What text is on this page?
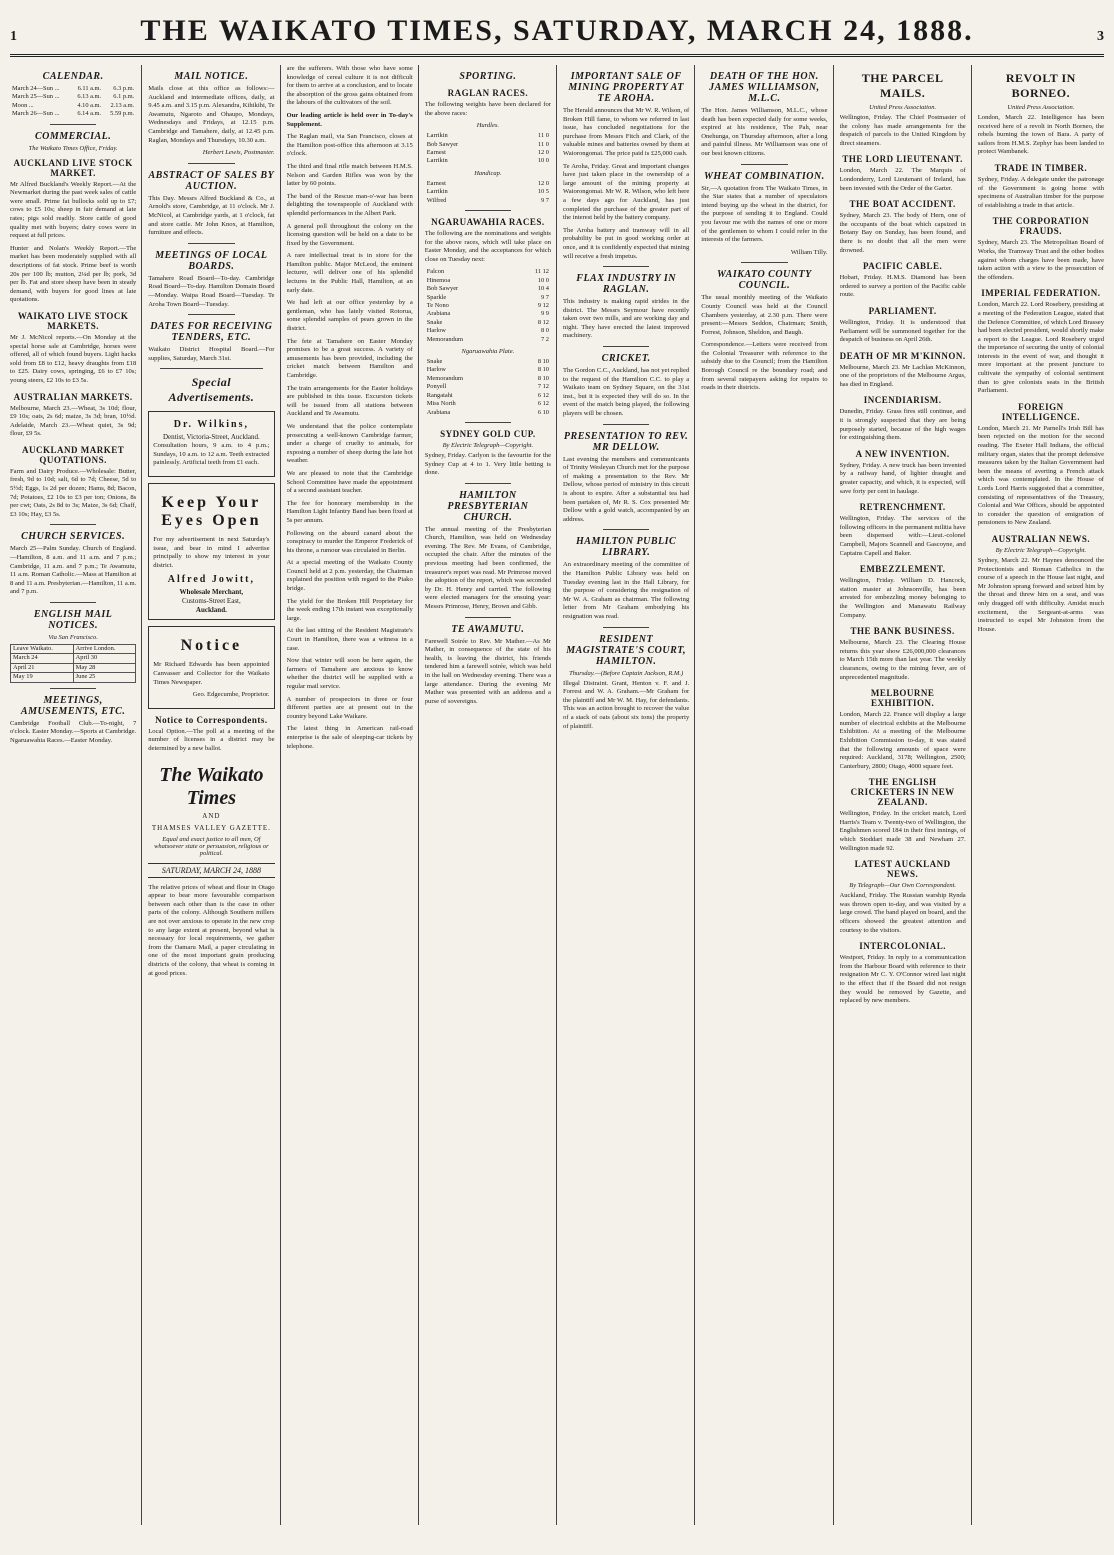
1	THE WAIKATO TIMES, SATURDAY, MARCH 24, 1888.	3
CALENDAR.
March 24—Sun ...	6.11 a.m.	6.3 p.m.
March 25—Sun ...	6.13 a.m.	6.1 p.m.
Moon ...	4.10 a.m.	2.13 a.m.
March 26—Sun ...	6.14 a.m.	5.59 p.m.
COMMERCIAL.
The Waikato Times Office, Friday.
AUCKLAND LIVE STOCK MARKET.

Mr Alfred Buckland's Weekly Report.—At the Newmarket during the past week sales of cattle were small. Prime fat bullocks sold up to £7; cows to £5 10s; sheep in fair demand at late rates; pigs sold readily. Store cattle of good quality met with buyers; dairy cows were in request at full prices.

Hunter and Nolan's Weekly Report.—The market has been moderately supplied with all descriptions of fat stock. Prime beef is worth 20s per 100 lb; mutton, 2¼d per lb; pork, 3d per lb. Fat and store sheep have been in steady demand, with buyers for good lines at late quotations.

WAIKATO LIVE STOCK MARKETS.

Mr J. McNicol reports.—On Monday at the special horse sale at Cambridge, horses were offered, all of which found buyers. Light hacks sold from £8 to £12, heavy draughts from £18 to £25. Dairy cows, springing, £6 to £7 10s; young steers, £2 10s to £3 5s.

AUSTRALIAN MARKETS.

Melbourne, March 23.—Wheat, 3s 10d; flour, £9 10s; oats, 2s 6d; maize, 3s 3d; bran, 10½d. Adelaide, March 23.—Wheat quiet, 3s 9d; flour, £9 5s.

AUCKLAND MARKET QUOTATIONS.

Farm and Dairy Produce.—Wholesale: Butter, fresh, 9d to 10d; salt, 6d to 7d; Cheese, 5d to 5½d; Eggs, 1s 2d per dozen; Hams, 8d; Bacon, 7d; Potatoes, £2 10s to £3 per ton; Onions, 8s per cwt; Oats, 2s 8d to 3s; Maize, 3s 6d; Chaff, £3 10s; Hay, £3 5s.

CHURCH SERVICES.

March 25—Palm Sunday. Church of England.—Hamilton, 8 a.m. and 11 a.m. and 7 p.m.; Cambridge, 11 a.m. and 7 p.m.; Te Awamutu, 11 a.m. Roman Catholic.—Mass at Hamilton at 8 and 11 a.m. Presbyterian.—Hamilton, 11 a.m. and 7 p.m.

ENGLISH MAIL NOTICES.
Via San Francisco.
Leave Waikato.	Arrive London.
March 24	April 30
April 21	May 28
May 19	June 25
MEETINGS, AMUSEMENTS, ETC.

Cambridge Football Club.—To-night, 7 o'clock. Easter Monday.—Sports at Cambridge. Ngaruawahia Races.—Easter Monday.

MAIL NOTICE.

Mails close at this office as follows:—Auckland and intermediate offices, daily, at 9.45 a.m. and 3.15 p.m. Alexandra, Kihikihi, Te Awamutu, Ngaroto and Ohaupo, Mondays, Wednesdays and Fridays, at 12.15 p.m. Cambridge and Tamahere, daily, at 12.45 p.m. Raglan, Mondays and Thursdays, 10.30 a.m.

Herbert Lewis, Postmaster.

ABSTRACT OF SALES BY AUCTION.

This Day. Messrs Alfred Buckland & Co., at Arnold's store, Cambridge, at 11 o'clock. Mr J. McNicol, at Cambridge yards, at 1 o'clock, fat and store cattle. Mr John Knox, at Hamilton, furniture and effects.

MEETINGS OF LOCAL BOARDS.

Tamahere Road Board—To-day. Cambridge Road Board—To-day. Hamilton Domain Board—Monday. Waipa Road Board—Tuesday. Te Aroha Town Board—Tuesday.

DATES FOR RECEIVING TENDERS, ETC.

Waikato District Hospital Board.—For supplies, Saturday, March 31st.

Special Advertisements.
Dr. Wilkins,
Dentist, Victoria-Street, Auckland.

Consultation hours, 9 a.m. to 4 p.m.; Sundays, 10 a.m. to 12 a.m. Teeth extracted painlessly. Artificial teeth from £1 each.

Keep Your Eyes Open

For my advertisement in next Saturday's issue, and bear in mind I advertise principally to show my interest in your district.

Alfred Jowitt,
Wholesale Merchant,
Customs-Street East,
Auckland.
Notice

Mr Richard Edwards has been appointed Canvasser and Collector for the Waikato Times Newspaper.

Geo. Edgecumbe, Proprietor.

Notice to Correspondents.

Local Option.—The poll at a meeting of the number of licenses in a district may be determined by a new ballot.

The Waikato Times
AND
THAMSES VALLEY GAZETTE.
Equal and exact justice to all men, Of whatsoever state or persuasion, religious or political.
SATURDAY, MARCH 24, 1888

The relative prices of wheat and flour in Otago appear to bear more favourable comparison between each other than is the case in other parts of the colony. Although Southern millers are not over anxious to operate in the new crop to any large extent at present, beyond what is necessary for local requirements, we gather from the Oamaru Mail, a paper circulating in one of the most important grain producing districts of the colony, that wheat is coming in at good prices.

are the sufferers. With those who have some knowledge of cereal culture it is not difficult for them to arrive at a conclusion, and to locate the absorption of the gross gains obtained from the labours of the cultivators of the soil.

Our leading article is held over in To-day's Supplement.

The Raglan mail, via San Francisco, closes at the Hamilton post-office this afternoon at 3.15 o'clock.

The third and final rifle match between H.M.S. Nelson and Garden Rifles was won by the latter by 60 points.

The band of the Rescue man-o'-war has been delighting the townspeople of Auckland with splendid performances in the Albert Park.

A general poll throughout the colony on the licensing question will be held on a date to be fixed by the Government.

A rare intellectual treat is in store for the Hamilton public. Major McLeod, the eminent lecturer, will deliver one of his splendid lectures in the Public Hall, Hamilton, at an early date.

We had left at our office yesterday by a gentleman, who has lately visited Rotorua, some splendid samples of pears grown in the district.

The fete at Tamahere on Easter Monday promises to be a great success. A variety of amusements has been provided, including the cricket match between Hamilton and Cambridge.

The train arrangements for the Easter holidays are published in this issue. Excursion tickets will be issued from all stations between Auckland and Te Awamutu.

We understand that the police contemplate prosecuting a well-known Cambridge farmer, under a charge of cruelty to animals, for exposing a number of sheep during the late hot weather.

We are pleased to note that the Cambridge School Committee have made the appointment of a second assistant teacher.

The fee for honorary membership in the Hamilton Light Infantry Band has been fixed at 5s per annum.

Following on the absurd canard about the conspiracy to murder the Emperor Frederick of his throne, a rumour was circulated in Berlin.

At a special meeting of the Waikato County Council held at 2 p.m. yesterday, the Chairman explained the position with regard to the Piako bridge.

The yield for the Broken Hill Proprietary for the week ending 17th instant was exceptionally large.

At the last sitting of the Resident Magistrate's Court in Hamilton, there was a witness in a case.

Now that winter will soon be here again, the farmers of Tamahere are anxious to know whether the district will be supplied with a regular mail service.

A number of prospectors in three or four different parties are at present out in the country beyond Lake Waikare.

The latest thing in American rail-road enterprise is the sale of sleeping-car tickets by telephone.

SPORTING.
RAGLAN RACES.

The following weights have been declared for the above races:

Hurdles.
Larrikin	11 0
Bob Sawyer	11 0
Earnest	12 0
Larrikin	10 0
Handicap.
Earnest	12 0
Larrikin	10 5
Wilfred	9 7
NGARUAWAHIA RACES.

The following are the nominations and weights for the above races, which will take place on Easter Monday, and the acceptances for which close on Tuesday next:

Falcon	11 12
Hinemoa	10 0
Bob Sawyer	10 4
Sparkle	9 7
Te Nono	9 12
Arabiana	9 9
Snake	8 12
Harlow	8 0
Memorandum	7 2
Ngaruawahia Plate.
Snake	8 10
Harlow	8 10
Memorandum	8 10
Ponyell	7 12
Rangatahi	6 12
Miss North	6 12
Arabiana	6 10
SYDNEY GOLD CUP.
By Electric Telegraph—Copyright.

Sydney, Friday. Carlyon is the favourite for the Sydney Cup at 4 to 1. Very little betting is done.

HAMILTON PRESBYTERIAN CHURCH.

The annual meeting of the Presbyterian Church, Hamilton, was held on Wednesday evening. The Rev. Mr Evans, of Cambridge, occupied the chair. After the minutes of the previous meeting had been confirmed, the treasurer's report was read. Mr Primrose moved the adoption of the report, which was seconded by Dr. H. Henry and carried. The following were elected managers for the ensuing year: Messrs Primrose, Henry, Brown and Gibb.

TE AWAMUTU.

Farewell Soirée to Rev. Mr Mather.—As Mr Mather, in consequence of the state of his health, is leaving the district, his friends tendered him a farewell soirée, which was held in the hall on Wednesday evening. There was a large attendance. During the evening Mr Mather was presented with an address and a purse of sovereigns.

IMPORTANT SALE OF MINING PROPERTY AT TE AROHA.

The Herald announces that Mr W. R. Wilson, of Broken Hill fame, to whom we referred in last issue, has concluded negotiations for the purchase from Messrs Fitch and Clark, of the valuable mines and batteries owned by them at Waiorongomai. The price paid is £25,000 cash.

Te Aroha, Friday. Great and important changes have just taken place in the ownership of a large amount of the mining property at Waiorongomai. Mr W. R. Wilson, who left here a few days ago for Auckland, has just completed the purchase of the greater part of the interest held by the battery company.

The Aroha battery and tramway will in all probability be put in good working order at once, and it is confidently expected that mining will receive a fresh impetus.

FLAX INDUSTRY IN RAGLAN.

This industry is making rapid strides in the district. The Messrs Seymour have recently taken over two mills, and are working day and night. They have erected the latest improved machinery.

CRICKET.

The Gordon C.C., Auckland, has not yet replied to the request of the Hamilton C.C. to play a Waikato team on Sydney Square, on the 31st inst., but it is expected they will do so. In the event of the match being played, the following players will be chosen.

PRESENTATION TO REV. MR DELLOW.

Last evening the members and communicants of Trinity Wesleyan Church met for the purpose of making a presentation to the Rev. Mr Dellow, whose period of ministry in this circuit is about to expire. After a substantial tea had been partaken of, Mr R. S. Cox presented Mr Dellow with a gold watch, accompanied by an address.

HAMILTON PUBLIC LIBRARY.

An extraordinary meeting of the committee of the Hamilton Public Library was held on Tuesday evening last in the Hall Library, for the purpose of considering the resignation of Mr W. A. Graham as chairman. The following letter from Mr Graham embodying his resignation was read.

RESIDENT MAGISTRATE'S COURT, HAMILTON.
Thursday.—(Before Captain Jackson, R.M.)

Illegal Distraint. Grant, Henton v. F. and J. Forrest and W. A. Graham.—Mr Graham for the plaintiff and Mr W. M. Hay, for defendants. This was an action brought to recover the value of a stack of oats (about six tons) the property of plaintiff.

DEATH OF THE HON. JAMES WILLIAMSON, M.L.C.

The Hon. James Williamson, M.L.C., whose death has been expected daily for some weeks, expired at his residence, The Pah, near Onehunga, on Thursday afternoon, after a long and painful illness. Mr Williamson was one of our best known citizens.

WHEAT COMBINATION.

Sir,—A quotation from The Waikato Times, in the Star states that a number of speculators intend buying up the wheat in the district, for the purpose of sending it to England. Could you favour me with the names of one or more of the gentlemen to whom I could refer in the interests of the farmers.

William Tilly.

WAIKATO COUNTY COUNCIL.

The usual monthly meeting of the Waikato County Council was held at the Council Chambers yesterday, at 2.30 p.m. There were present:—Messrs Seddon, Chairman; Smith, Forrest, Johnson, Sheldon, and Baugh.

Correspondence.—Letters were received from the Colonial Treasurer with reference to the subsidy due to the Council; from the Hamilton Borough Council re the boundary road; and from several ratepayers asking for repairs to roads in their districts.

THE PARCEL MAILS.
United Press Association.

Wellington, Friday. The Chief Postmaster of the colony has made arrangements for the despatch of parcels to the United Kingdom by direct steamers.

THE LORD LIEUTENANT.

London, March 22. The Marquis of Londonderry, Lord Lieutenant of Ireland, has been invested with the Order of the Garter.

THE BOAT ACCIDENT.

Sydney, March 23. The body of Hern, one of the occupants of the boat which capsized in Botany Bay on Sunday, has been found, and there is no doubt that all the men were drowned.

PACIFIC CABLE.

Hobart, Friday. H.M.S. Diamond has been ordered to survey a portion of the Pacific cable route.

PARLIAMENT.

Wellington, Friday. It is understood that Parliament will be summoned together for the despatch of business on April 26th.

DEATH OF MR M'KINNON.

Melbourne, March 23. Mr Lachlan McKinnon, one of the proprietors of the Melbourne Argus, has died in England.

INCENDIARISM.

Dunedin, Friday. Grass fires still continue, and it is strongly suspected that they are being purposely started, because of the high wages for extinguishing them.

A NEW INVENTION.

Sydney, Friday. A new truck has been invented by a railway hand, of lighter draught and greater capacity, and which, it is expected, will save forty per cent in haulage.

RETRENCHMENT.

Wellington, Friday. The services of the following officers in the permanent militia have been dispensed with:—Lieut.-colonel Campbell, Majors Scannell and Gascoyne, and Captains Capell and Baker.

EMBEZZLEMENT.

Wellington, Friday. William D. Hancock, station master at Johnsonville, has been arrested for embezzling money belonging to the Wellington and Manawatu Railway Company.

THE BANK BUSINESS.

Melbourne, March 23. The Clearing House returns this year show £26,000,000 clearances to March 15th more than last year. The weekly clearances, owing to the mining fever, are of unprecedented magnitude.

MELBOURNE EXHIBITION.

London, March 22. France will display a large number of electrical exhibits at the Melbourne Exhibition. At a meeting of the Melbourne Exhibition Commission to-day, it was stated that the following amounts of space were required: Auckland, 3178; Wellington, 2500; Canterbury, 2800; Otago, 4000 square feet.

THE ENGLISH CRICKETERS IN NEW ZEALAND.

Wellington, Friday. In the cricket match, Lord Harris's Team v. Twenty-two of Wellington, the Englishmen scored 184 in their first innings, of which Stoddart made 38 and Newham 27. Wellington made 92.

LATEST AUCKLAND NEWS.
By Telegraph—Our Own Correspondent.

Auckland, Friday. The Russian warship Rynda was thrown open to-day, and was visited by a large crowd. The band played on board, and the officers showed the greatest attention and courtesy to the visitors.

INTERCOLONIAL.

Westport, Friday. In reply to a communication from the Harbour Board with reference to their resignation Mr C. Y. O'Connor wired last night to the effect that if the Board did not resign they would be removed by Gazette, and replaced by new members.

REVOLT IN BORNEO.
United Press Association.

London, March 22. Intelligence has been received here of a revolt in North Borneo, the rebels burning the town of Bara. A party of sailors from H.M.S. Zephyr has been landed to protect Wambanek.

TRADE IN TIMBER.

Sydney, Friday. A delegate under the patronage of the Government is going home with specimens of Australian timber for the purpose of establishing a trade in that article.

THE CORPORATION FRAUDS.

Sydney, March 23. The Metropolitan Board of Works, the Tramway Trust and the other bodies against whom charges have been made, have taken action with a view to the prosecution of the offenders.

IMPERIAL FEDERATION.

London, March 22. Lord Rosebery, presiding at a meeting of the Federation League, stated that the Defence Committee, of which Lord Brassey had been elected president, would shortly make a report to the League. Lord Rosebery urged the importance of securing the unity of colonial interests in the event of war, and thought it more important at the present juncture to cultivate the sympathy of colonial sentiment than to give colonists seats in the British Parliament.

FOREIGN INTELLIGENCE.

London, March 21. Mr Parnell's Irish Bill has been rejected on the motion for the second reading. The Exeter Hall Indians, the official military organ, states that the prompt defensive measures taken by the Italian Government had been the means of averting a French attack which was contemplated. In the House of Lords Lord Harris suggested that a committee, consisting of representatives of the Treasury, Colonial and War Offices, should be appointed to consider the question of emigration of pensioners to New Zealand.

AUSTRALIAN NEWS.
By Electric Telegraph—Copyright.

Sydney, March 22. Mr Haynes denounced the Protectionists and Roman Catholics in the course of a speech in the House last night, and Mr Johnston sprang forward and seized him by the throat and threw him on a seat, and was only dragged off with difficulty. Amidst much excitement, the Sergeant-at-arms was instructed to expel Mr Johnston from the House.
